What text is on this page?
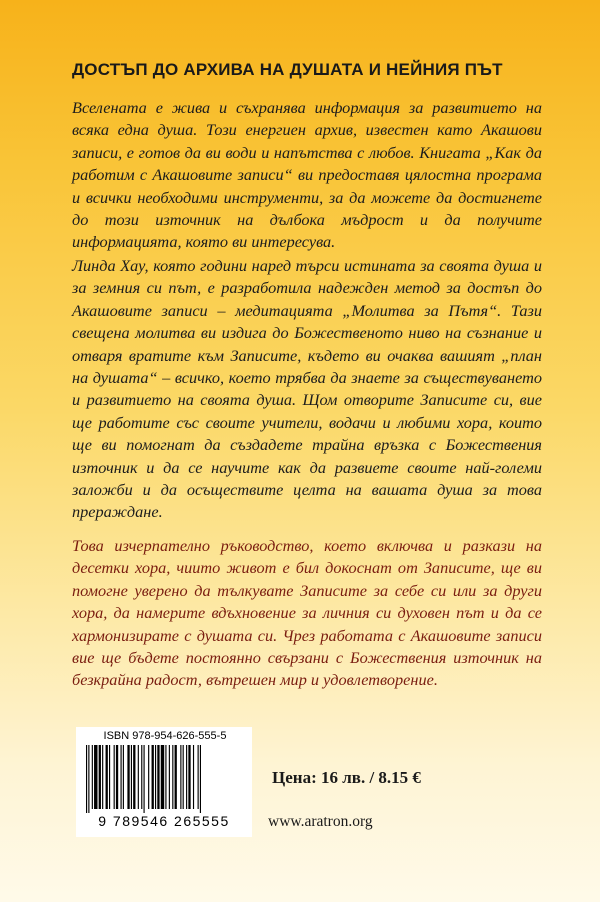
ДОСТЪП ДО АРХИВА НА ДУШАТА И НЕЙНИЯ ПЪТ

Вселената е жива и съхранява информация за развитието на всяка една душа. Този енергиен архив, известен като Акашови записи, е готов да ви води и напътства с любов. Книгата „Как да работим с Акашовите записи“ ви предоставя цялостна програма и всички необходими инструменти, за да можете да достигнете до този източник на дълбока мъдрост и да получите информацията, която ви интересува.

Линда Хау, която години наред търси истината за своята душа и за земния си път, е разработила надежден метод за достъп до Акашовите записи – медитацията „Молитва за Пътя“. Тази свещена молитва ви издига до Божественото ниво на съзнание и отваря вратите към Записите, където ви очаква вашият „план на душата“ – всичко, което трябва да знаете за съществуването и развитието на своята душа. Щом отворите Записите си, вие ще работите със своите учители, водачи и любими хора, които ще ви помогнат да създадете трайна връзка с Божествения източник и да се научите как да развиете своите най-големи заложби и да осъществите целта на вашата душа за това прераждане.

Това изчерпателно ръководство, което включва и разкази на десетки хора, чиито живот е бил докоснат от Записите, ще ви помогне уверено да тълкувате Записите за себе си или за други хора, да намерите вдъхновение за личния си духовен път и да се хармонизирате с душата си. Чрез работата с Акашовите записи вие ще бъдете постоянно свързани с Божествения източник на безкрайна радост, вътрешен мир и удовлетворение.

ISBN 978-954-626-555-5
9 789546 265555
Цена: 16 лв. / 8.15 €
www.aratron.org
